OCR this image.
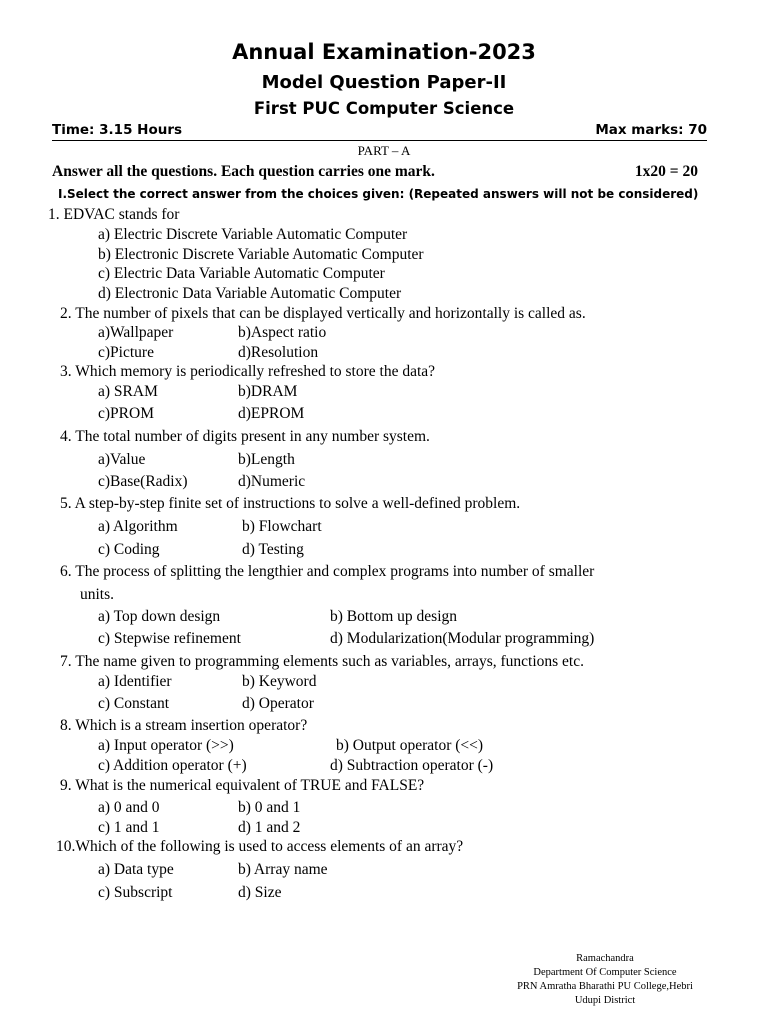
Annual Examination-2023
Model Question Paper-II
First PUC Computer Science
Time: 3.15 Hours	Max marks: 70
PART – A
Answer all the questions. Each question carries one mark.	1x20 = 20
I.Select the correct answer from the choices given: (Repeated answers will not be considered)
1. EDVAC stands for
a) Electric Discrete Variable Automatic Computer
b) Electronic Discrete Variable Automatic Computer
c) Electric Data Variable Automatic Computer
d) Electronic Data Variable Automatic Computer
2. The number of pixels that can be displayed vertically and horizontally is called as.
a)Wallpaper	b)Aspect ratio
c)Picture	d)Resolution
3. Which memory is periodically refreshed to store the data?
a) SRAM	b)DRAM
c)PROM	d)EPROM
4. The total number of digits present in any number system.
a)Value	b)Length
c)Base(Radix)	d)Numeric
5. A step-by-step finite set of instructions to solve a well-defined problem.
a) Algorithm	b) Flowchart
c) Coding	d) Testing
6. The process of splitting the lengthier and complex programs into number of smaller
units.
a) Top down design	b) Bottom up design
c) Stepwise refinement	d) Modularization(Modular programming)
7. The name given to programming elements such as variables, arrays, functions etc.
a) Identifier	b) Keyword
c) Constant	d) Operator
8. Which is a stream insertion operator?
a) Input operator (>>)	b) Output operator (<<)
c) Addition operator (+)	d) Subtraction operator (-)
9. What is the numerical equivalent of TRUE and FALSE?
a) 0 and 0	b) 0 and 1
c) 1 and 1	d) 1 and 2
10.Which of the following is used to access elements of an array?
a) Data type	b) Array name
c) Subscript	d) Size
Ramachandra
Department Of Computer Science
PRN Amratha Bharathi PU College,Hebri
Udupi District
